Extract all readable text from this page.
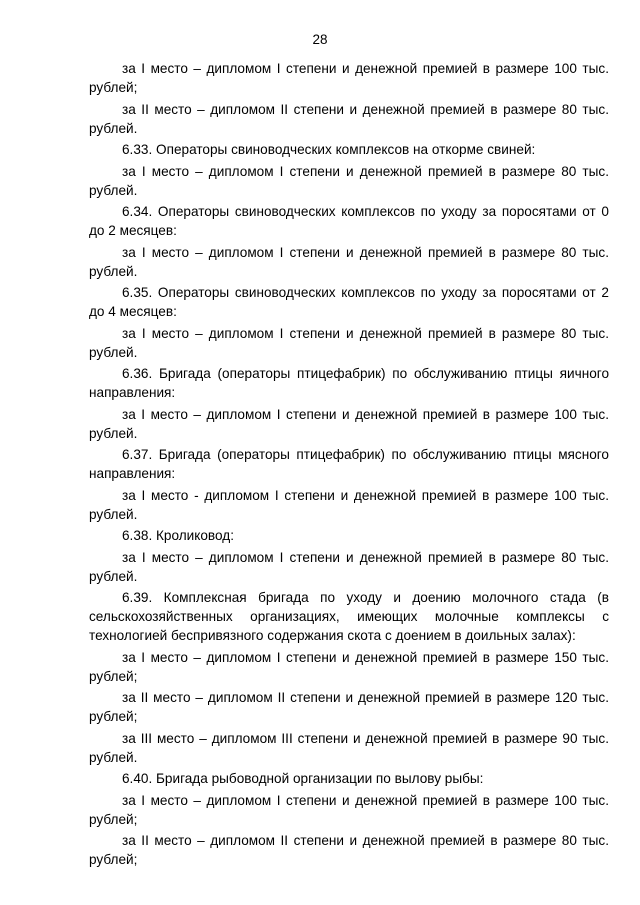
28

за I место – дипломом I степени и денежной премией в размере 100 тыс. рублей;

за II место – дипломом II степени и денежной премией в размере 80 тыс. рублей.

6.33. Операторы свиноводческих комплексов на откорме свиней:

за I место – дипломом I степени и денежной премией в размере 80 тыс. рублей.

6.34. Операторы свиноводческих комплексов по уходу за поросятами от 0 до 2 месяцев:

за I место – дипломом I степени и денежной премией в размере 80 тыс. рублей.

6.35. Операторы свиноводческих комплексов по уходу за поросятами от 2 до 4 месяцев:

за I место – дипломом I степени и денежной премией в размере 80 тыс. рублей.

6.36. Бригада (операторы птицефабрик) по обслуживанию птицы яичного направления:

за I место – дипломом I степени и денежной премией в размере 100 тыс. рублей.

6.37. Бригада (операторы птицефабрик) по обслуживанию птицы мясного направления:

за I место - дипломом I степени и денежной премией в размере 100 тыс. рублей.

6.38. Кроликовод:

за I место – дипломом I степени и денежной премией в размере 80 тыс. рублей.

6.39. Комплексная бригада по уходу и доению молочного стада (в сельскохозяйственных организациях, имеющих молочные комплексы с технологией беспривязного содержания скота с доением в доильных залах):

за I место – дипломом I степени и денежной премией в размере 150 тыс. рублей;

за II место – дипломом II степени и денежной премией в размере 120 тыс. рублей;

за III место – дипломом III степени и денежной премией в размере 90 тыс. рублей.

6.40. Бригада рыбоводной организации по вылову рыбы:

за I место – дипломом I степени и денежной премией в размере 100 тыс. рублей;

за II место – дипломом II степени и денежной премией в размере 80 тыс. рублей;
